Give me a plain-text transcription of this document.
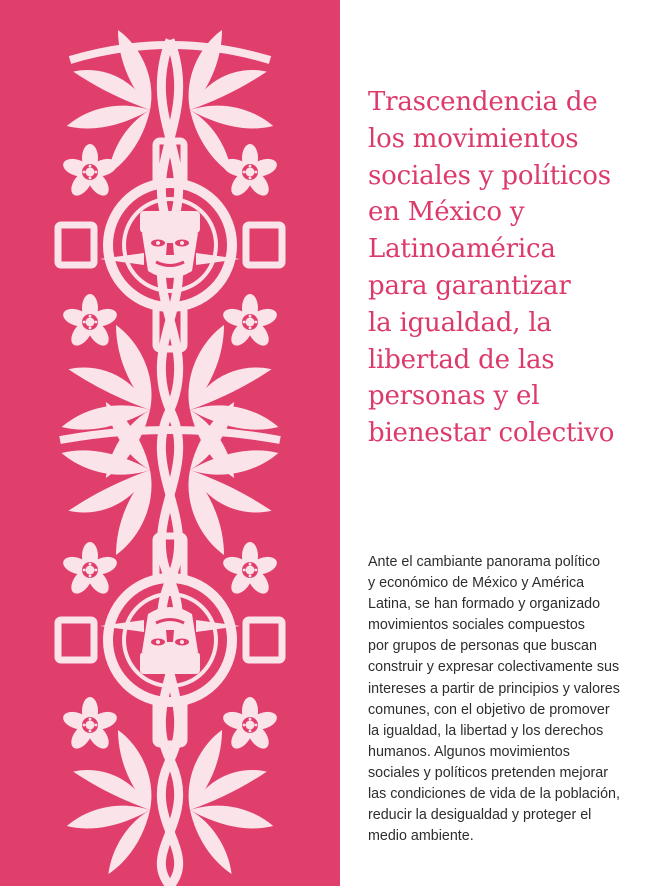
Trascendencia de
los movimientos
sociales y políticos
en México y
Latinoamérica
para garantizar
la igualdad, la
libertad de las
personas y el
bienestar colectivo

Ante el cambiante panorama político
y económico de México y América
Latina, se han formado y organizado
movimientos sociales compuestos
por grupos de personas que buscan
construir y expresar colectivamente sus
intereses a partir de principios y valores
comunes, con el objetivo de promover
la igualdad, la libertad y los derechos
humanos. Algunos movimientos
sociales y políticos pretenden mejorar
las condiciones de vida de la población,
reducir la desigualdad y proteger el
medio ambiente.
